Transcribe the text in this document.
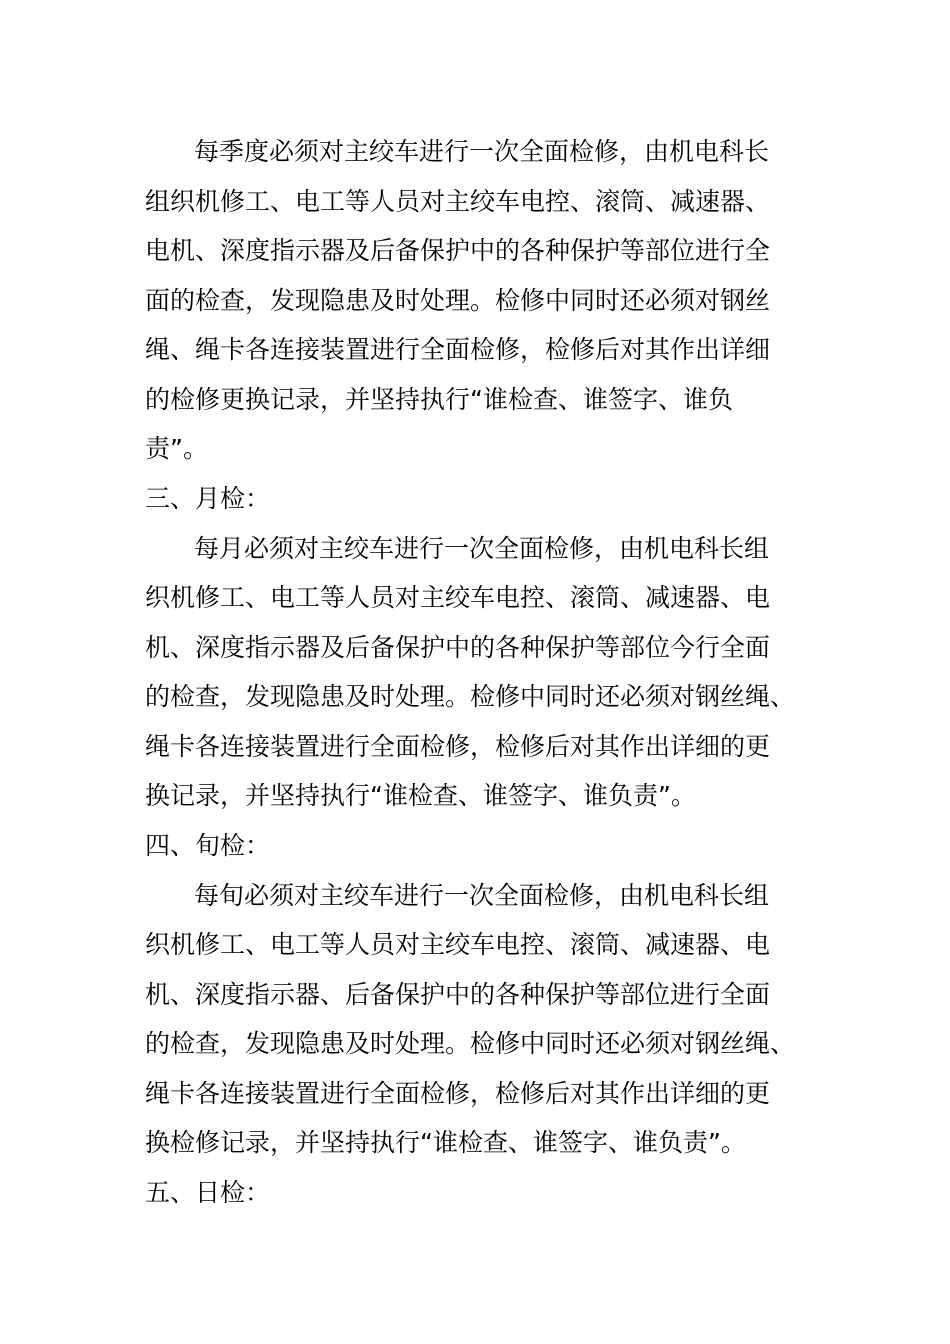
每季度必须对主绞车进行一次全面检修，由机电科长
组织机修工、电工等人员对主绞车电控、滚筒、减速器、
电机、深度指示器及后备保护中的各种保护等部位进行全
面的检查，发现隐患及时处理。检修中同时还必须对钢丝
绳、绳卡各连接装置进行全面检修，检修后对其作出详细
的检修更换记录，并坚持执行“谁检查、谁签字、谁负
责”。
三、月检：
每月必须对主绞车进行一次全面检修，由机电科长组
织机修工、电工等人员对主绞车电控、滚筒、减速器、电
机、深度指示器及后备保护中的各种保护等部位今行全面
的检查，发现隐患及时处理。检修中同时还必须对钢丝绳、
绳卡各连接装置进行全面检修，检修后对其作出详细的更
换记录，并坚持执行“谁检查、谁签字、谁负责”。
四、旬检：
每旬必须对主绞车进行一次全面检修，由机电科长组
织机修工、电工等人员对主绞车电控、滚筒、减速器、电
机、深度指示器、后备保护中的各种保护等部位进行全面
的检查，发现隐患及时处理。检修中同时还必须对钢丝绳、
绳卡各连接装置进行全面检修，检修后对其作出详细的更
换检修记录，并坚持执行“谁检查、谁签字、谁负责”。
五、日检：
